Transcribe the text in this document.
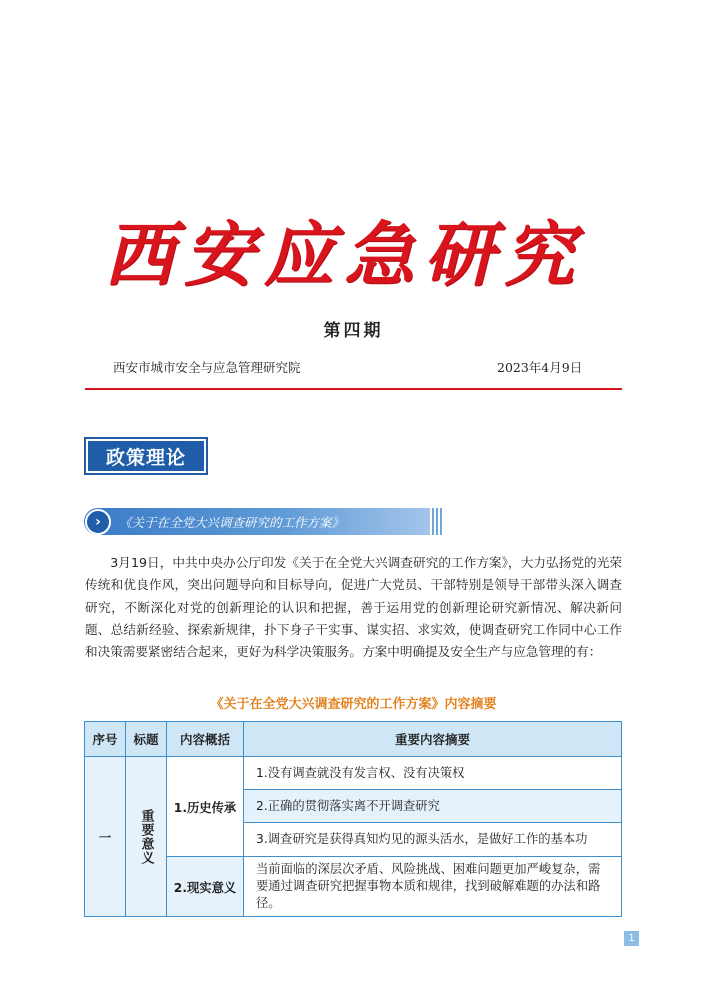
西安应急研究
第四期
西安市城市安全与应急管理研究院	2023年4月9日
政策理论
›	《关于在全党大兴调查研究的工作方案》

3月19日，中共中央办公厅印发《关于在全党大兴调查研究的工作方案》，大力弘扬党的光荣传统和优良作风，突出问题导向和目标导向，促进广大党员、干部特别是领导干部带头深入调查研究，不断深化对党的创新理论的认识和把握，善于运用党的创新理论研究新情况、解决新问题、总结新经验、探索新规律，扑下身子干实事、谋实招、求实效，使调查研究工作同中心工作和决策需要紧密结合起来，更好为科学决策服务。方案中明确提及安全生产与应急管理的有：

《关于在全党大兴调查研究的工作方案》内容摘要
序号	标题	内容概括	重要内容摘要
一	重要意义	1.历史传承	1.没有调查就没有发言权、没有决策权
			2.正确的贯彻落实离不开调查研究
			3.调查研究是获得真知灼见的源头活水，是做好工作的基本功
		2.现实意义	当前面临的深层次矛盾、风险挑战、困难问题更加严峻复杂，需要通过调查研究把握事物本质和规律，找到破解难题的办法和路径。
1
